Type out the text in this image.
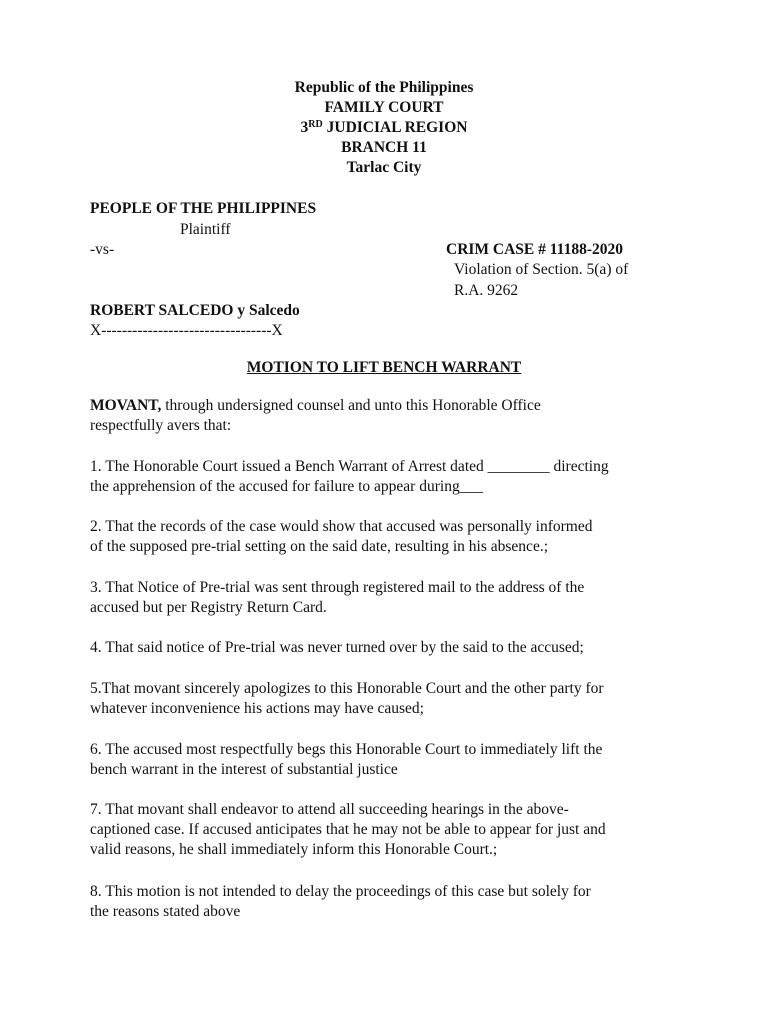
Republic of the Philippines
FAMILY COURT
3RD JUDICIAL REGION
BRANCH 11
Tarlac City
PEOPLE OF THE PHILIPPINES
Plaintiff
-vs-	CRIM CASE # 11188-2020
Violation of Section. 5(a) of
R.A. 9262
ROBERT SALCEDO y Salcedo
X---------------------------------X
MOTION TO LIFT BENCH WARRANT
MOVANT, through undersigned counsel and unto this Honorable Office
respectfully avers that:
1. The Honorable Court issued a Bench Warrant of Arrest dated ________ directing
the apprehension of the accused for failure to appear during___
2. That the records of the case would show that accused was personally informed
of the supposed pre-trial setting on the said date, resulting in his absence.;
3. That Notice of Pre-trial was sent through registered mail to the address of the
accused but per Registry Return Card.
4. That said notice of Pre-trial was never turned over by the said to the accused;
5.That movant sincerely apologizes to this Honorable Court and the other party for
whatever inconvenience his actions may have caused;
6. The accused most respectfully begs this Honorable Court to immediately lift the
bench warrant in the interest of substantial justice
7. That movant shall endeavor to attend all succeeding hearings in the above-
captioned case. If accused anticipates that he may not be able to appear for just and
valid reasons, he shall immediately inform this Honorable Court.;
8. This motion is not intended to delay the proceedings of this case but solely for
the reasons stated above
